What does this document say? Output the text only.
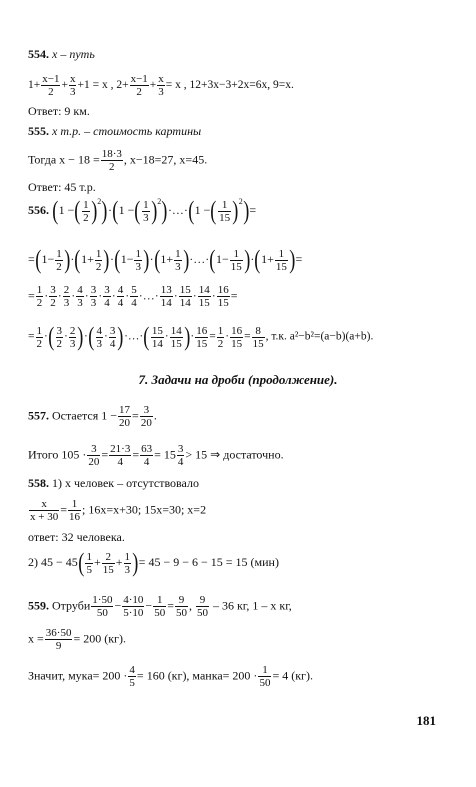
554. x – путь
$1+ \frac{x-1}{2} + \frac{x}{3} +1 = x$ , $2+ \frac{x-1}{2} + \frac{x}{3} = x$ , 12+3x−3+2x=6x, 9=x.
Ответ: 9 км.
555. x т.р. – стоимость картины
Тогда $x - 18 = \frac{18\cdot 3}{2}$ , x−18=27, x=45.
Ответ: 45 т.р.
556. (1 −( $\frac{1}{2} )^2)\cdot(1$ −( $\frac{1}{3}$ )$^2$)·…·(1 −( $\frac{1}{15} )^2)=$
$=(1- \frac{1}{2} )\cdot(1+ \frac{1}{2} )\cdot(1- \frac{1}{3} )\cdot(1+ \frac{1}{3}$ )·…·(1− $\frac{1}{15} )\cdot(1+ \frac{1}{15}$ )=
= $\frac{1}{2} \cdot \frac{3}{2} \cdot \frac{2}{3} \cdot \frac{4}{3} \cdot \frac{3}{3} \cdot \frac{3}{4} \cdot \frac{4}{4} \cdot \frac{5}{4}$ ·…· $\frac{13}{14} \cdot \frac{15}{14} \cdot \frac{14}{15} \cdot \frac{16}{15}$ =
= $\frac{1}{2}$ ·( $\frac{3}{2} \cdot \frac{2}{3}$ )·( $\frac{4}{3} \cdot \frac{3}{4}$ )·…·( $\frac{15}{14} \cdot \frac{14}{15}$ )· $\frac{16}{15} = \frac{1}{2} \cdot \frac{16}{15} = \frac{8}{15}$ , т.к. a²−b²=(a−b)(a+b).
7. Задачи на дроби (продолжение).
557. Остается $1 - \frac{17}{20} = \frac{3}{20}$ .
Итого $105 \cdot \frac{3}{20} = \frac{21\cdot 3}{4} = \frac{63}{4} = 15 \frac{3}{4} > 15$ ⇒ достаточно.
558. 1) x человек – отсутствовало
$\frac{x}{x + 30} = \frac{1}{16}$ ; 16x=x+30; 15x=30; x=2
ответ: 32 человека.
2) $45 - 45( \frac{1}{5} + \frac{2}{15} + \frac{1}{3}$ )= 45 − 9 − 6 − 15 = 15 (мин)
559. Отруби $\frac{1\cdot 50}{50} - \frac{4\cdot 10}{5\cdot 10} - \frac{1}{50} = \frac{9}{50}$ , $\frac{9}{50} - 36$ кг, 1 – x кг,
$x = \frac{36\cdot 50}{9} = 200$ (кг).
Значит, мука= $200 \cdot \frac{4}{5} = 160$ (кг), манка= $200 \cdot \frac{1}{50} = 4$ (кг).
181
